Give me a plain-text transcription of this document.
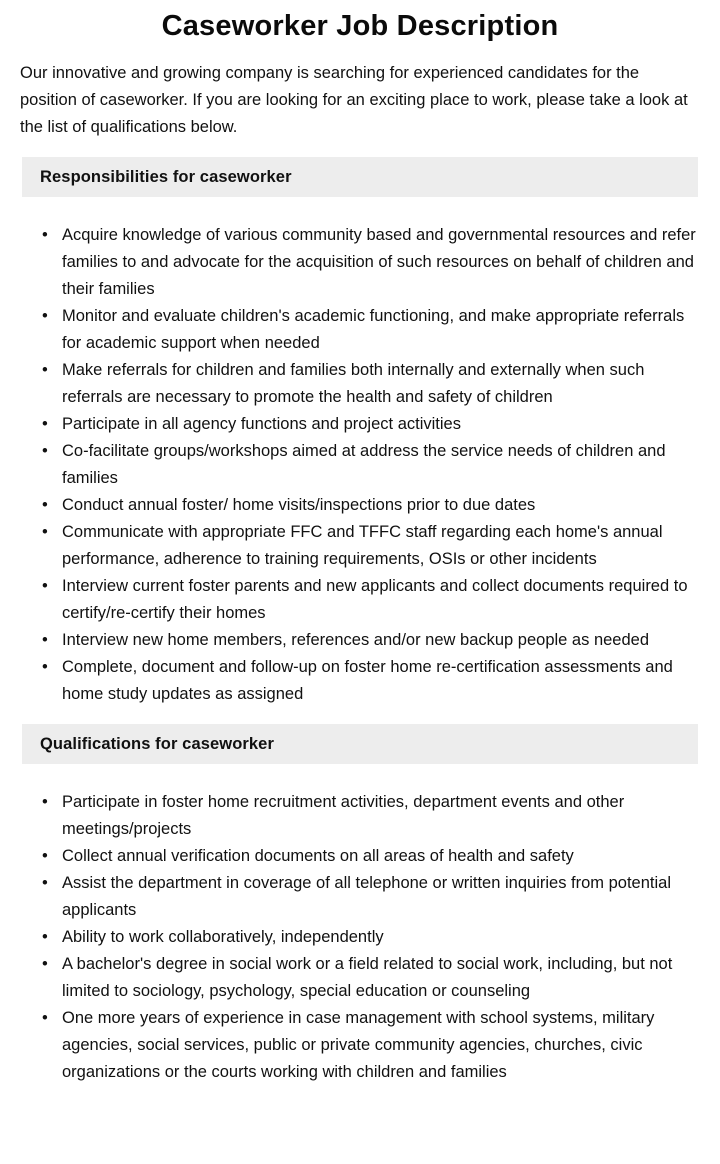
Caseworker Job Description

Our innovative and growing company is searching for experienced candidates for the position of caseworker. If you are looking for an exciting place to work, please take a look at the list of qualifications below.

Responsibilities for caseworker
• Acquire knowledge of various community based and governmental resources and refer families to and advocate for the acquisition of such resources on behalf of children and their families
• Monitor and evaluate children's academic functioning, and make appropriate referrals for academic support when needed
• Make referrals for children and families both internally and externally when such referrals are necessary to promote the health and safety of children
• Participate in all agency functions and project activities
• Co-facilitate groups/workshops aimed at address the service needs of children and families
• Conduct annual foster/ home visits/inspections prior to due dates
• Communicate with appropriate FFC and TFFC staff regarding each home's annual performance, adherence to training requirements, OSIs or other incidents
• Interview current foster parents and new applicants and collect documents required to certify/re-certify their homes
• Interview new home members, references and/or new backup people as needed
• Complete, document and follow-up on foster home re-certification assessments and home study updates as assigned
Qualifications for caseworker
• Participate in foster home recruitment activities, department events and other meetings/projects
• Collect annual verification documents on all areas of health and safety
• Assist the department in coverage of all telephone or written inquiries from potential applicants
• Ability to work collaboratively, independently
• A bachelor's degree in social work or a field related to social work, including, but not limited to sociology, psychology, special education or counseling
• One more years of experience in case management with school systems, military agencies, social services, public or private community agencies, churches, civic organizations or the courts working with children and families
